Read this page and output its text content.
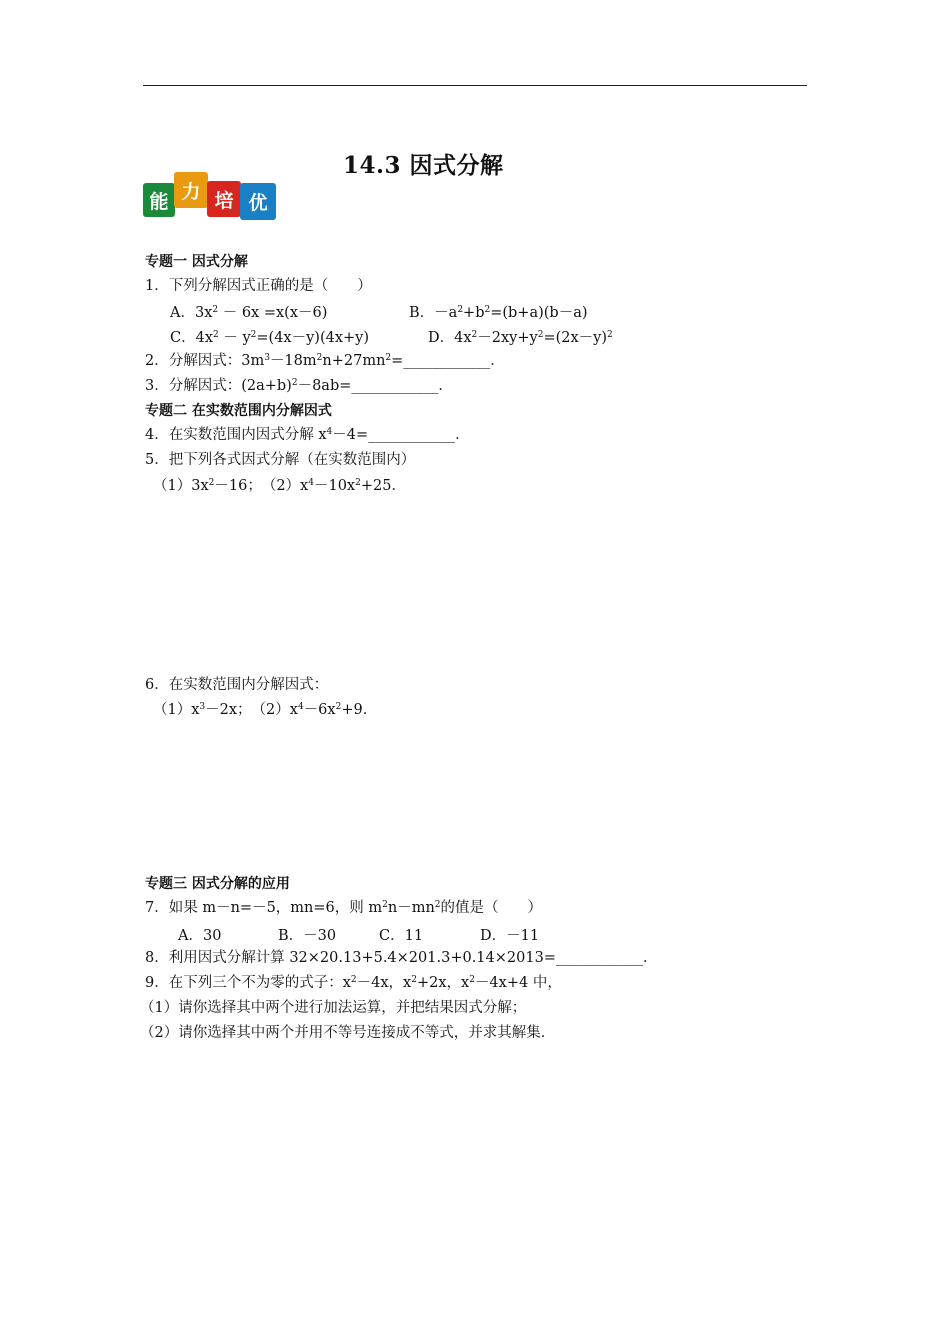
能 力 培 优
14.3 因式分解
专题一 因式分解
1．下列分解因式正确的是（　　）
A．$3x^2 - 6x =x(x-6)$	B．$-a^2+b^2=(b+a)(b-a)$
C．$4x^2 - y^2=(4x-y)(4x+y)$	D．$4x^2-2xy+y^2=(2x-y)^2$
2．分解因式：$3m^3-18m^2n+27mn^2=\_\_\_\_\_\_\_\_\_\_\_\_$．
3．分解因式：$(2a+b)^2-8ab=\_\_\_\_\_\_\_\_\_\_\_\_$．
专题二 在实数范围内分解因式
4．在实数范围内因式分解 $x^4-4=\_\_\_\_\_\_\_\_\_\_\_\_$．
5．把下列各式因式分解（在实数范围内）
$(1)3x^2-16$；　$(2)x^4-10x^2+25$．
6．在实数范围内分解因式：
$(1)x^3-2x$；　$(2)x^4-6x^2+9$．
专题三 因式分解的应用
7．如果 m－n=－5，mn=6，则 $m^2n-mn^2$的值是（　　）
A．30	B．－30	C．11	D．－11
8．利用因式分解计算 32×20.13+5.4×201.3+0.14×2013=____________．
9．在下列三个不为零的式子：$x^2-4x$，$x^2+2x$，$x^2-4x+4$ 中，
（1）请你选择其中两个进行加法运算，并把结果因式分解；
（2）请你选择其中两个并用不等号连接成不等式，并求其解集．
